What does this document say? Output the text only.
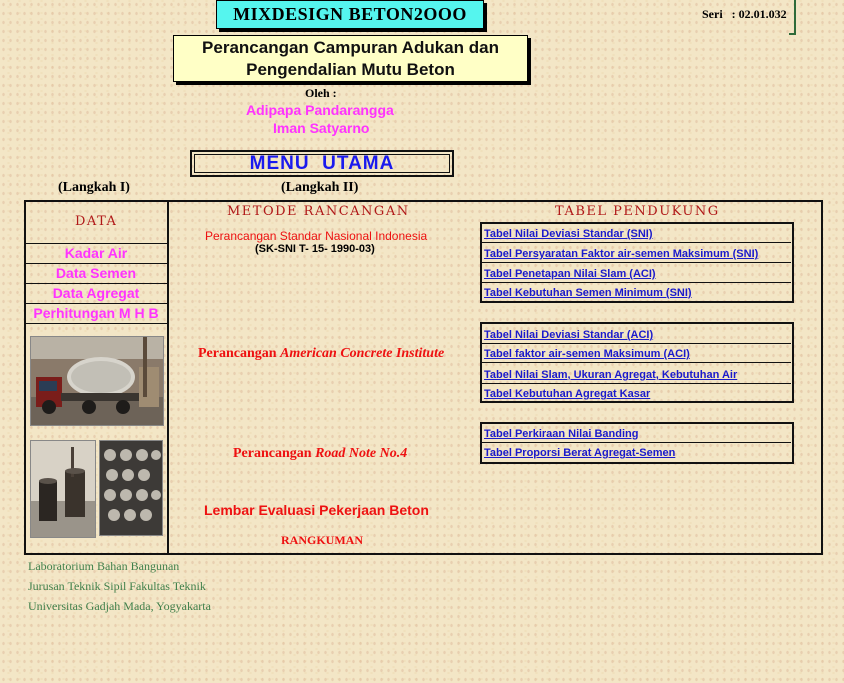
MIXDESIGN BETON2OOO	Seri : 02.01.032
Perancangan Campuran Adukan dan
Pengendalian Mutu Beton
Oleh :
Adipapa Pandarangga
Iman Satyarno
MENU  UTAMA
(Langkah I)	(Langkah II)
DATA
Kadar Air
Data Semen
Data Agregat
Perhitungan M H B
METODE RANCANGAN
Perancangan Standar Nasional Indonesia
(SK-SNI T- 15- 1990-03)
Perancangan American Concrete Institute
Perancangan Road Note No.4
Lembar Evaluasi Pekerjaan Beton
RANGKUMAN
TABEL PENDUKUNG
Tabel Nilai Deviasi Standar (SNI)
Tabel Persyaratan Faktor air-semen Maksimum (SNI)
Tabel Penetapan Nilai Slam (ACI)
Tabel Kebutuhan Semen Minimum (SNI)
Tabel Nilai Deviasi Standar (ACI)
Tabel faktor air-semen Maksimum (ACI)
Tabel Nilai Slam, Ukuran Agregat, Kebutuhan Air
Tabel Kebutuhan Agregat Kasar
Tabel Perkiraan Nilai Banding
Tabel Proporsi Berat Agregat-Semen
Laboratorium Bahan Bangunan
Jurusan Teknik Sipil Fakultas Teknik
Universitas Gadjah Mada, Yogyakarta
